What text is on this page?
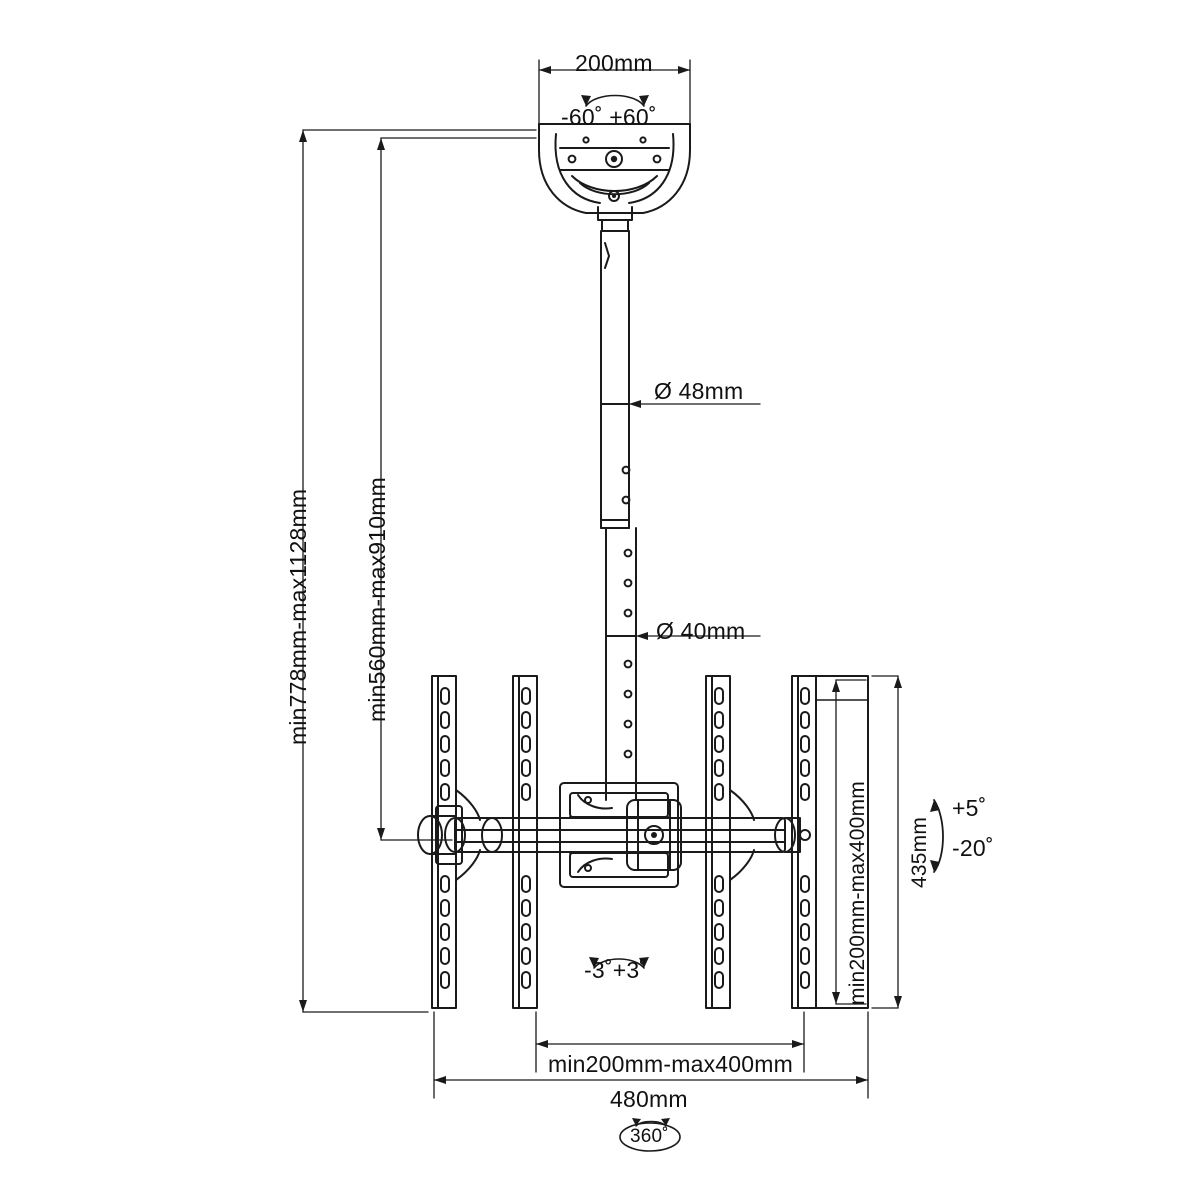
200mm
-60˚ +60˚
Ø 48mm
Ø 40mm
min778mm-max1128mm min560mm-max910mm
min200mm-max400mm 435mm
+5˚
-20˚
-3˚+3˚
min200mm-max400mm
480mm
360˚
